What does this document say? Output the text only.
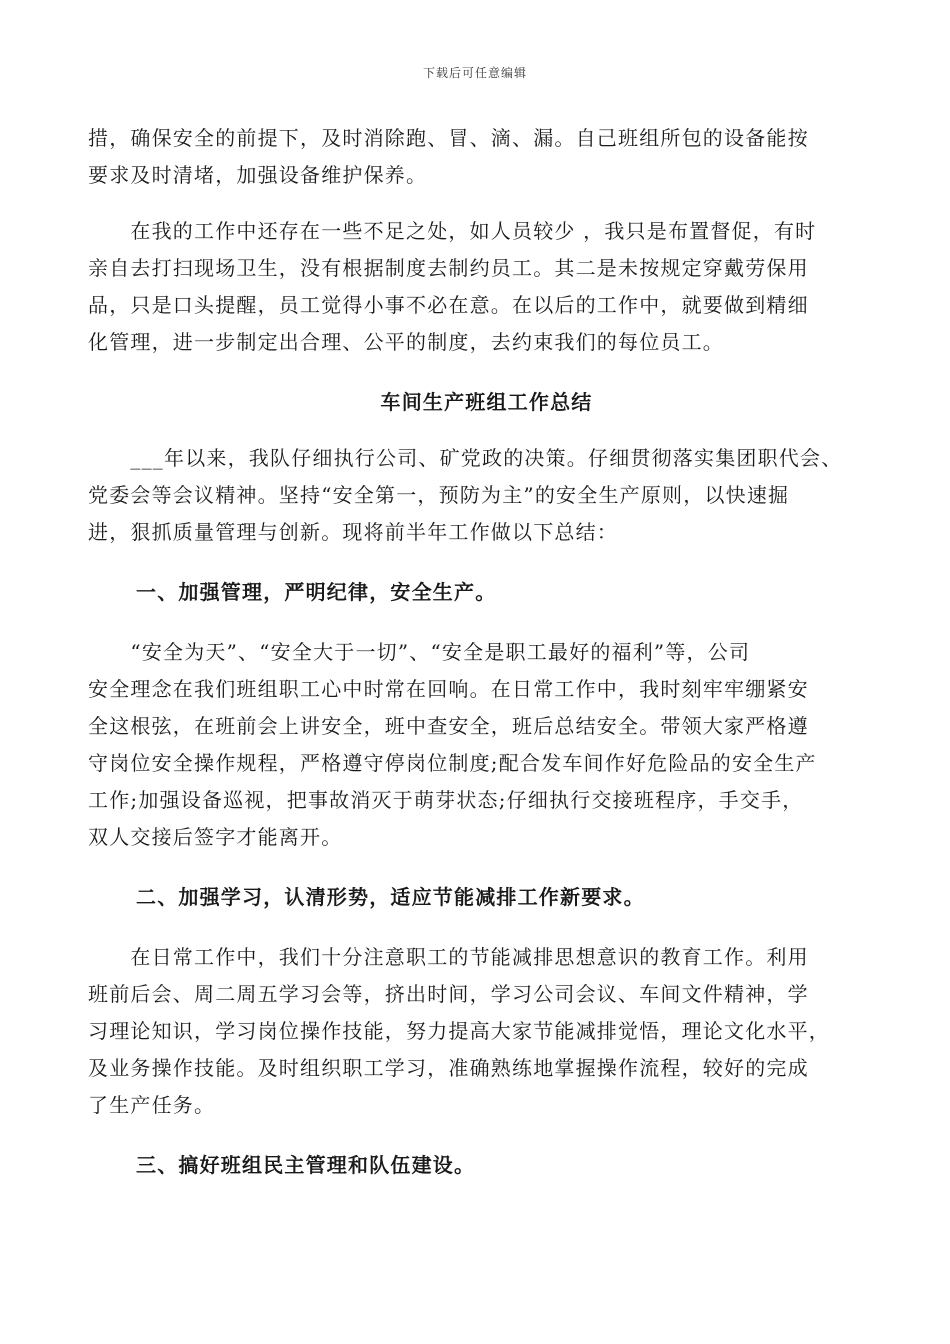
下载后可任意编辑

措，确保安全的前提下，及时消除跑、冒、滴、漏。自己班组所包的设备能按
要求及时清堵，加强设备维护保养。

　　在我的工作中还存在一些不足之处，如人员较少 ，我只是布置督促，有时
亲自去打扫现场卫生，没有根据制度去制约员工。其二是未按规定穿戴劳保用
品，只是口头提醒，员工觉得小事不必在意。在以后的工作中，就要做到精细
化管理，进一步制定出合理、公平的制度，去约束我们的每位员工。

车间生产班组工作总结

　　___年以来，我队仔细执行公司、矿党政的决策。仔细贯彻落实集团职代会、
党委会等会议精神。坚持“安全第一，预防为主”的安全生产原则，以快速掘
进，狠抓质量管理与创新。现将前半年工作做以下总结：

一、加强管理，严明纪律，安全生产。

　　“安全为天”、“安全大于一切”、“安全是职工最好的福利”等，公司
安全理念在我们班组职工心中时常在回响。在日常工作中，我时刻牢牢绷紧安
全这根弦，在班前会上讲安全，班中查安全，班后总结安全。带领大家严格遵
守岗位安全操作规程，严格遵守停岗位制度;配合发车间作好危险品的安全生产
工作;加强设备巡视，把事故消灭于萌芽状态;仔细执行交接班程序，手交手，
双人交接后签字才能离开。

二、加强学习，认清形势，适应节能减排工作新要求。

　　在日常工作中，我们十分注意职工的节能减排思想意识的教育工作。利用
班前后会、周二周五学习会等，挤出时间，学习公司会议、车间文件精神，学
习理论知识，学习岗位操作技能，努力提高大家节能减排觉悟，理论文化水平，
及业务操作技能。及时组织职工学习，准确熟练地掌握操作流程，较好的完成
了生产任务。

三、搞好班组民主管理和队伍建设。
